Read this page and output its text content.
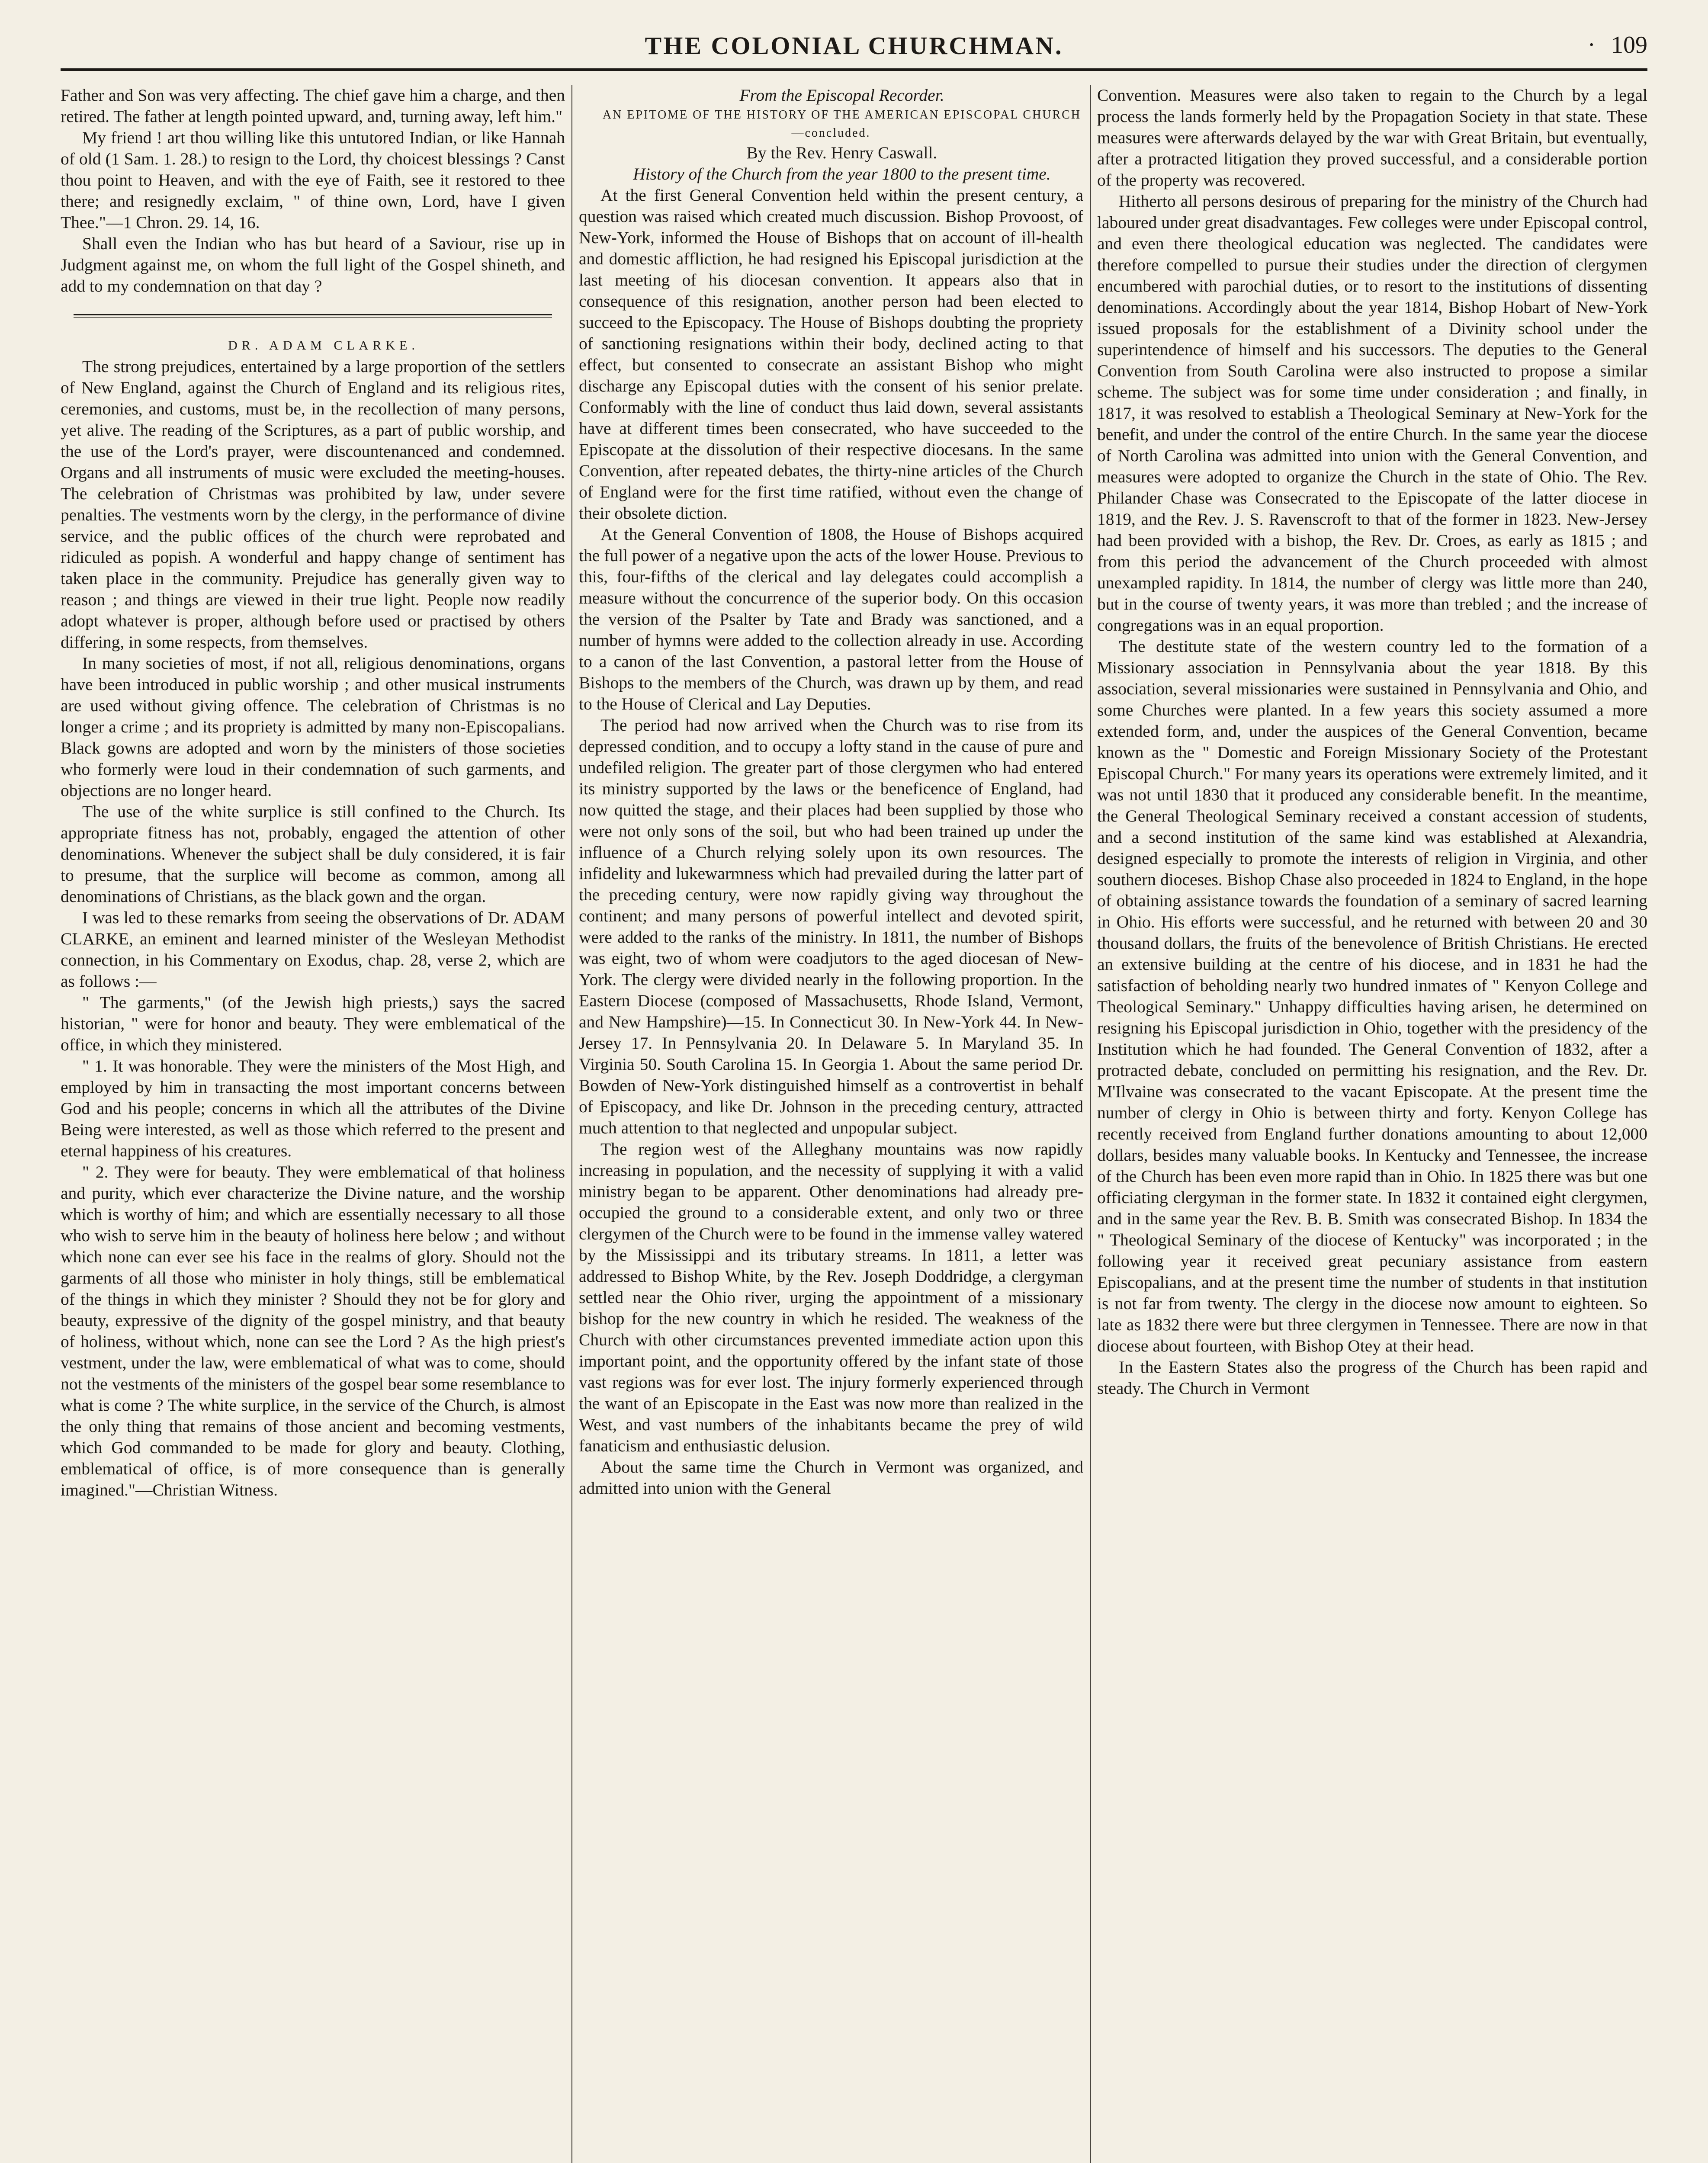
THE COLONIAL CHURCHMAN.	· 109

Father and Son was very affecting. The chief gave him a charge, and then retired. The father at length pointed upward, and, turning away, left him."

My friend ! art thou willing like this untutored Indian, or like Hannah of old (1 Sam. 1. 28.) to resign to the Lord, thy choicest blessings ? Canst thou point to Heaven, and with the eye of Faith, see it restored to thee there; and resignedly exclaim, " of thine own, Lord, have I given Thee."—1 Chron. 29. 14, 16.

Shall even the Indian who has but heard of a Saviour, rise up in Judgment against me, on whom the full light of the Gospel shineth, and add to my condemnation on that day ?

DR. ADAM CLARKE.

The strong prejudices, entertained by a large proportion of the settlers of New England, against the Church of England and its religious rites, ceremonies, and customs, must be, in the recollection of many persons, yet alive. The reading of the Scriptures, as a part of public worship, and the use of the Lord's prayer, were discountenanced and condemned. Organs and all instruments of music were excluded the meeting-houses. The celebration of Christmas was prohibited by law, under severe penalties. The vestments worn by the clergy, in the performance of divine service, and the public offices of the church were reprobated and ridiculed as popish. A wonderful and happy change of sentiment has taken place in the community. Prejudice has generally given way to reason ; and things are viewed in their true light. People now readily adopt whatever is proper, although before used or practised by others differing, in some respects, from themselves.

In many societies of most, if not all, religious denominations, organs have been introduced in public worship ; and other musical instruments are used without giving offence. The celebration of Christmas is no longer a crime ; and its propriety is admitted by many non-Episcopalians. Black gowns are adopted and worn by the ministers of those societies who formerly were loud in their condemnation of such garments, and objections are no longer heard.

The use of the white surplice is still confined to the Church. Its appropriate fitness has not, probably, engaged the attention of other denominations. Whenever the subject shall be duly considered, it is fair to presume, that the surplice will become as common, among all denominations of Christians, as the black gown and the organ.

I was led to these remarks from seeing the observations of Dr. ADAM CLARKE, an eminent and learned minister of the Wesleyan Methodist connection, in his Commentary on Exodus, chap. 28, verse 2, which are as follows :—

" The garments," (of the Jewish high priests,) says the sacred historian, " were for honor and beauty. They were emblematical of the office, in which they ministered.

" 1. It was honorable. They were the ministers of the Most High, and employed by him in transacting the most important concerns between God and his people; concerns in which all the attributes of the Divine Being were interested, as well as those which referred to the present and eternal happiness of his creatures.

" 2. They were for beauty. They were emblematical of that holiness and purity, which ever characterize the Divine nature, and the worship which is worthy of him; and which are essentially necessary to all those who wish to serve him in the beauty of holiness here below ; and without which none can ever see his face in the realms of glory. Should not the garments of all those who minister in holy things, still be emblematical of the things in which they minister ? Should they not be for glory and beauty, expressive of the dignity of the gospel ministry, and that beauty of holiness, without which, none can see the Lord ? As the high priest's vestment, under the law, were emblematical of what was to come, should not the vestments of the ministers of the gospel bear some resemblance to what is come ? The white surplice, in the service of the Church, is almost the only thing that remains of those ancient and becoming vestments, which God commanded to be made for glory and beauty. Clothing, emblematical of office, is of more consequence than is generally imagined."—Christian Witness.

From the Episcopal Recorder.

AN EPITOME OF THE HISTORY OF THE AMERICAN EPISCOPAL CHURCH—concluded.

By the Rev. Henry Caswall.

History of the Church from the year 1800 to the present time.

At the first General Convention held within the present century, a question was raised which created much discussion. Bishop Provoost, of New-York, informed the House of Bishops that on account of ill-health and domestic affliction, he had resigned his Episcopal jurisdiction at the last meeting of his diocesan convention. It appears also that in consequence of this resignation, another person had been elected to succeed to the Episcopacy. The House of Bishops doubting the propriety of sanctioning resignations within their body, declined acting to that effect, but consented to consecrate an assistant Bishop who might discharge any Episcopal duties with the consent of his senior prelate. Conformably with the line of conduct thus laid down, several assistants have at different times been consecrated, who have succeeded to the Episcopate at the dissolution of their respective diocesans. In the same Convention, after repeated debates, the thirty-nine articles of the Church of England were for the first time ratified, without even the change of their obsolete diction.

At the General Convention of 1808, the House of Bishops acquired the full power of a negative upon the acts of the lower House. Previous to this, four-fifths of the clerical and lay delegates could accomplish a measure without the concurrence of the superior body. On this occasion the version of the Psalter by Tate and Brady was sanctioned, and a number of hymns were added to the collection already in use. According to a canon of the last Convention, a pastoral letter from the House of Bishops to the members of the Church, was drawn up by them, and read to the House of Clerical and Lay Deputies.

The period had now arrived when the Church was to rise from its depressed condition, and to occupy a lofty stand in the cause of pure and undefiled religion. The greater part of those clergymen who had entered its ministry supported by the laws or the beneficence of England, had now quitted the stage, and their places had been supplied by those who were not only sons of the soil, but who had been trained up under the influence of a Church relying solely upon its own resources. The infidelity and lukewarmness which had prevailed during the latter part of the preceding century, were now rapidly giving way throughout the continent; and many persons of powerful intellect and devoted spirit, were added to the ranks of the ministry. In 1811, the number of Bishops was eight, two of whom were coadjutors to the aged diocesan of New-York. The clergy were divided nearly in the following proportion. In the Eastern Diocese (composed of Massachusetts, Rhode Island, Vermont, and New Hampshire)—15. In Connecticut 30. In New-York 44. In New-Jersey 17. In Pennsylvania 20. In Delaware 5. In Maryland 35. In Virginia 50. South Carolina 15. In Georgia 1. About the same period Dr. Bowden of New-York distinguished himself as a controvertist in behalf of Episcopacy, and like Dr. Johnson in the preceding century, attracted much attention to that neglected and unpopular subject.

The region west of the Alleghany mountains was now rapidly increasing in population, and the necessity of supplying it with a valid ministry began to be apparent. Other denominations had already pre-occupied the ground to a considerable extent, and only two or three clergymen of the Church were to be found in the immense valley watered by the Mississippi and its tributary streams. In 1811, a letter was addressed to Bishop White, by the Rev. Joseph Doddridge, a clergyman settled near the Ohio river, urging the appointment of a missionary bishop for the new country in which he resided. The weakness of the Church with other circumstances prevented immediate action upon this important point, and the opportunity offered by the infant state of those vast regions was for ever lost. The injury formerly experienced through the want of an Episcopate in the East was now more than realized in the West, and vast numbers of the inhabitants became the prey of wild fanaticism and enthusiastic delusion.

About the same time the Church in Vermont was organized, and admitted into union with the General

Convention. Measures were also taken to regain to the Church by a legal process the lands formerly held by the Propagation Society in that state. These measures were afterwards delayed by the war with Great Britain, but eventually, after a protracted litigation they proved successful, and a considerable portion of the property was recovered.

Hitherto all persons desirous of preparing for the ministry of the Church had laboured under great disadvantages. Few colleges were under Episcopal control, and even there theological education was neglected. The candidates were therefore compelled to pursue their studies under the direction of clergymen encumbered with parochial duties, or to resort to the institutions of dissenting denominations. Accordingly about the year 1814, Bishop Hobart of New-York issued proposals for the establishment of a Divinity school under the superintendence of himself and his successors. The deputies to the General Convention from South Carolina were also instructed to propose a similar scheme. The subject was for some time under consideration ; and finally, in 1817, it was resolved to establish a Theological Seminary at New-York for the benefit, and under the control of the entire Church. In the same year the diocese of North Carolina was admitted into union with the General Convention, and measures were adopted to organize the Church in the state of Ohio. The Rev. Philander Chase was Consecrated to the Episcopate of the latter diocese in 1819, and the Rev. J. S. Ravenscroft to that of the former in 1823. New-Jersey had been provided with a bishop, the Rev. Dr. Croes, as early as 1815 ; and from this period the advancement of the Church proceeded with almost unexampled rapidity. In 1814, the number of clergy was little more than 240, but in the course of twenty years, it was more than trebled ; and the increase of congregations was in an equal proportion.

The destitute state of the western country led to the formation of a Missionary association in Pennsylvania about the year 1818. By this association, several missionaries were sustained in Pennsylvania and Ohio, and some Churches were planted. In a few years this society assumed a more extended form, and, under the auspices of the General Convention, became known as the " Domestic and Foreign Missionary Society of the Protestant Episcopal Church." For many years its operations were extremely limited, and it was not until 1830 that it produced any considerable benefit. In the meantime, the General Theological Seminary received a constant accession of students, and a second institution of the same kind was established at Alexandria, designed especially to promote the interests of religion in Virginia, and other southern dioceses. Bishop Chase also proceeded in 1824 to England, in the hope of obtaining assistance towards the foundation of a seminary of sacred learning in Ohio. His efforts were successful, and he returned with between 20 and 30 thousand dollars, the fruits of the benevolence of British Christians. He erected an extensive building at the centre of his diocese, and in 1831 he had the satisfaction of beholding nearly two hundred inmates of " Kenyon College and Theological Seminary." Unhappy difficulties having arisen, he determined on resigning his Episcopal jurisdiction in Ohio, together with the presidency of the Institution which he had founded. The General Convention of 1832, after a protracted debate, concluded on permitting his resignation, and the Rev. Dr. M'Ilvaine was consecrated to the vacant Episcopate. At the present time the number of clergy in Ohio is between thirty and forty. Kenyon College has recently received from England further donations amounting to about 12,000 dollars, besides many valuable books. In Kentucky and Tennessee, the increase of the Church has been even more rapid than in Ohio. In 1825 there was but one officiating clergyman in the former state. In 1832 it contained eight clergymen, and in the same year the Rev. B. B. Smith was consecrated Bishop. In 1834 the " Theological Seminary of the diocese of Kentucky" was incorporated ; in the following year it received great pecuniary assistance from eastern Episcopalians, and at the present time the number of students in that institution is not far from twenty. The clergy in the diocese now amount to eighteen. So late as 1832 there were but three clergymen in Tennessee. There are now in that diocese about fourteen, with Bishop Otey at their head.

In the Eastern States also the progress of the Church has been rapid and steady. The Church in Vermont
